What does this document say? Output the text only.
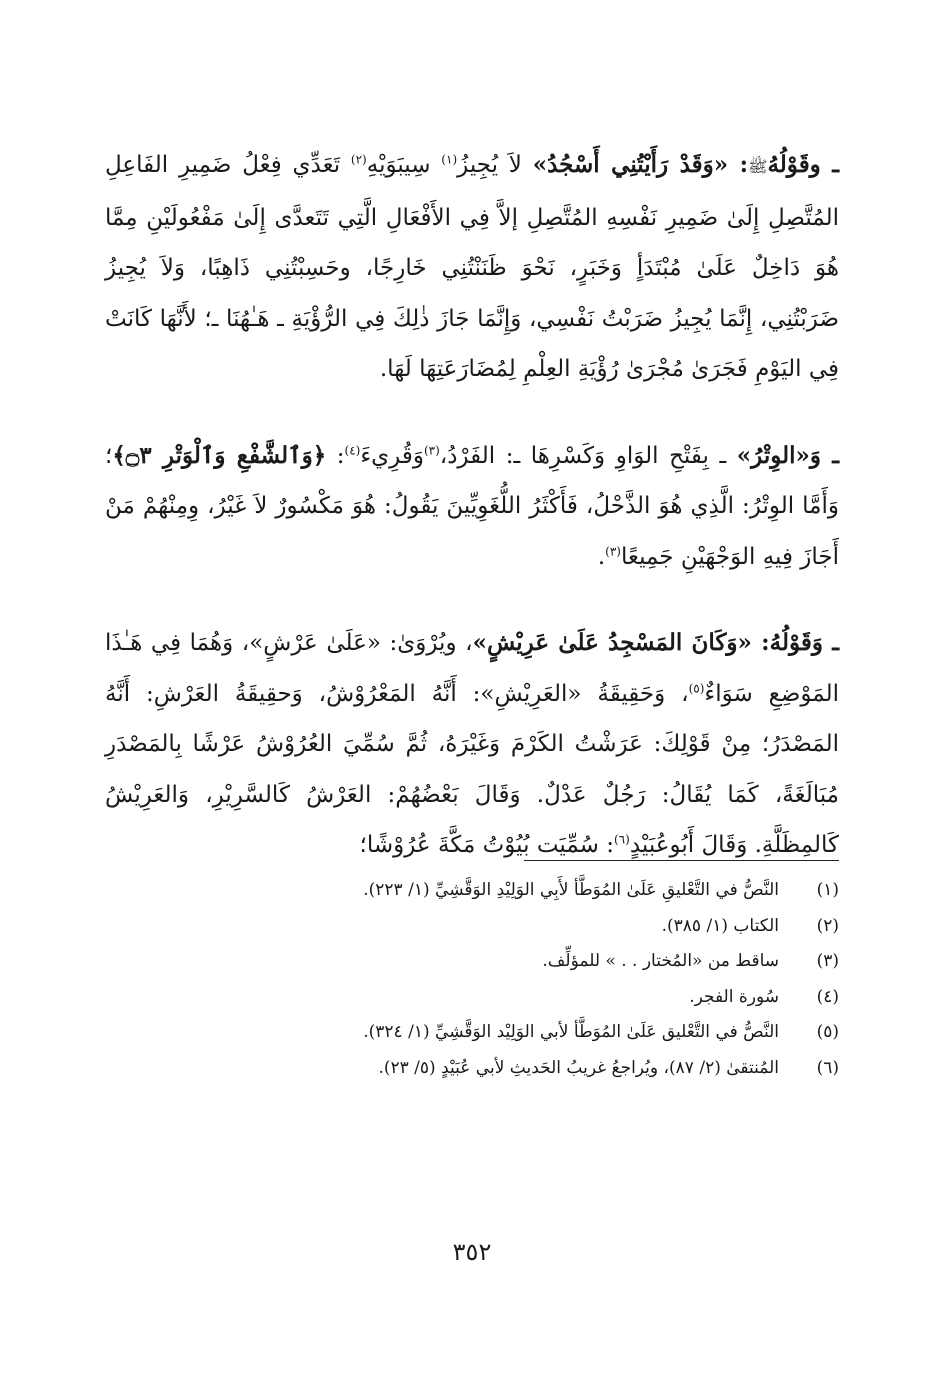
ـ وقَوْلُهُﷺ: «وَقَدْ رَأَيْتُنِي أَسْجُدُ» لاَ يُجِيزُ$^{(١)}$ سِيبَوَيْهِ$^{(٢)}$ تَعَدِّي فِعْلُ ضَمِيرِ الفَاعِلِ المُتَّصِلِ إِلَىٰ ضَمِيرِ نَفْسِهِ المُتَّصِلِ إلاَّ فِي الأَفْعَالِ الَّتِي تَتَعدَّى إِلَىٰ مَفْعُولَيْنِ مِمَّا هُوَ دَاخِلٌ عَلَىٰ مُبْتَدَأٍ وَخَبَرٍ، نَحْوَ ظَنَنْتُنِي خَارِجًا، وحَسِبْتُنِي ذَاهِبًا، وَلاَ يُجِيزُ ضَرَبْتُنِي، إِنَّمَا يُجِيزُ ضَرَبْتُ نَفْسِي، وَإِنَّمَا جَازَ ذٰلِكَ فِي الرُّؤْيَةِ ـ هَـٰهُنَا ـ؛ لأَنَّهَا كَانَتْ فِي اليَوْمِ فَجَرَىٰ مُجْرَىٰ رُؤْيَةِ العِلْمِ لِمُضَارَعَتِهَا لَهَا.

ـ وَ«الوِتْرُ» ـ بِفَتْحِ الوَاوِ وَكَسْرِهَا ـ: الفَرْدُ،$^{(٣)}$وَقُرِيءَ$^{(٤)}$: ﴿وَٱلشَّفْعِ وَٱلْوَتْرِ ۝٣﴾؛ وَأَمَّا الوِتْرُ: الَّذِي هُوَ الذَّحْلُ، فَأَكْثَرُ اللُّغَوِيِّينَ يَقُولُ: هُوَ مَكْسُورٌ لاَ غَيْرُ، وِمِنْهُمْ مَنْ أَجَازَ فِيهِ الوَجْهَيْنِ جَمِيعًا$^{(٣)}$.

ـ وَقَوْلُهُ: «وَكَانَ المَسْجِدُ عَلَىٰ عَرِيْشٍ»، ويُرْوَىٰ: «عَلَىٰ عَرْشٍ»، وَهُمَا فِي هَـٰذَا المَوْضِعِ سَوَاءٌ$^{(٥)}$، وَحَقِيقَةُ «العَرِيْشِ»: أَنَّهُ المَعْرُوْشُ، وَحقِيقَةُ العَرْشِ: أَنَّهُ المَصْدَرُ؛ مِنْ قَوْلِكَ: عَرَشْتُ الكَرْمَ وَغَيْرَهُ، ثُمَّ سُمِّيَ العُرُوْشُ عَرْشًا بِالمَصْدَرِ مُبَالَغَةً، كَمَا يُقَالُ: رَجُلٌ عَدْلٌ. وَقَالَ بَعْضُهُمْ: العَرْشُ كَالسَّرِيْرِ، وَالعَرِيْشُ كَالمِظَلَّةِ. وَقَالَ أَبُوعُبَيْدٍ$^{(٦)}$: سُمِّيَت بُيُوْتُ مَكَّةَ عُرُوْشًا؛

(١)
النَّصُّ في التَّعْليقِ عَلَىٰ المُوَطَّأ لأَبِي الوَلِيْدِ الوَقَّشِيِّ (١/ ٢٢٣).
(٢)
الكتاب (١/ ٣٨٥).
(٣)
ساقط من «المُختار . . » للمؤلِّف.
(٤)
سُورة الفجر.
(٥)
النَّصُّ في التَّعْليق عَلَىٰ المُوَطَّأ لأبي الوَلِيْد الوَقَّشِيِّ (١/ ٣٢٤).
(٦)
المُنتقىٰ (٢/ ٨٧)، ويُراجعُ غريبُ الحَديثِ لأبي عُبَيْدٍ (٥/ ٢٣).
٣٥٢
